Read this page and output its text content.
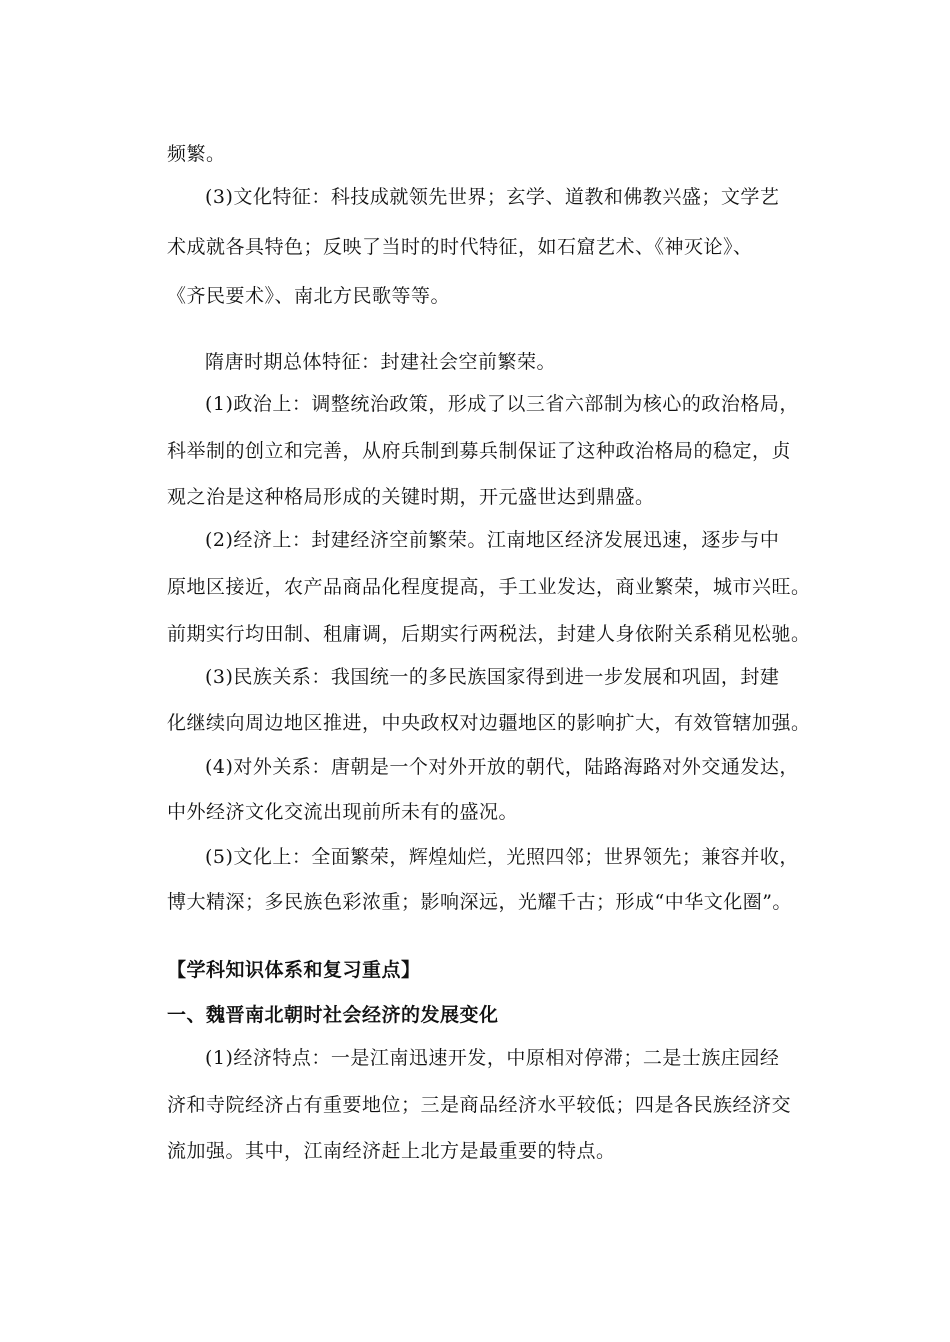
频繁。
(3)文化特征：科技成就领先世界；玄学、道教和佛教兴盛；文学艺
术成就各具特色；反映了当时的时代特征，如石窟艺术、《神灭论》、
《齐民要术》、南北方民歌等等。
隋唐时期总体特征：封建社会空前繁荣。
(1)政治上：调整统治政策，形成了以三省六部制为核心的政治格局，
科举制的创立和完善，从府兵制到募兵制保证了这种政治格局的稳定，贞
观之治是这种格局形成的关键时期，开元盛世达到鼎盛。
(2)经济上：封建经济空前繁荣。江南地区经济发展迅速，逐步与中
原地区接近，农产品商品化程度提高，手工业发达，商业繁荣，城市兴旺。
前期实行均田制、租庸调，后期实行两税法，封建人身依附关系稍见松驰。
(3)民族关系：我国统一的多民族国家得到进一步发展和巩固，封建
化继续向周边地区推进，中央政权对边疆地区的影响扩大，有效管辖加强。
(4)对外关系：唐朝是一个对外开放的朝代，陆路海路对外交通发达，
中外经济文化交流出现前所未有的盛况。
(5)文化上：全面繁荣，辉煌灿烂，光照四邻；世界领先；兼容并收，
博大精深；多民族色彩浓重；影响深远，光耀千古；形成“中华文化圈”。
【学科知识体系和复习重点】
一、魏晋南北朝时社会经济的发展变化
(1)经济特点：一是江南迅速开发，中原相对停滞；二是士族庄园经
济和寺院经济占有重要地位；三是商品经济水平较低；四是各民族经济交
流加强。其中，江南经济赶上北方是最重要的特点。
